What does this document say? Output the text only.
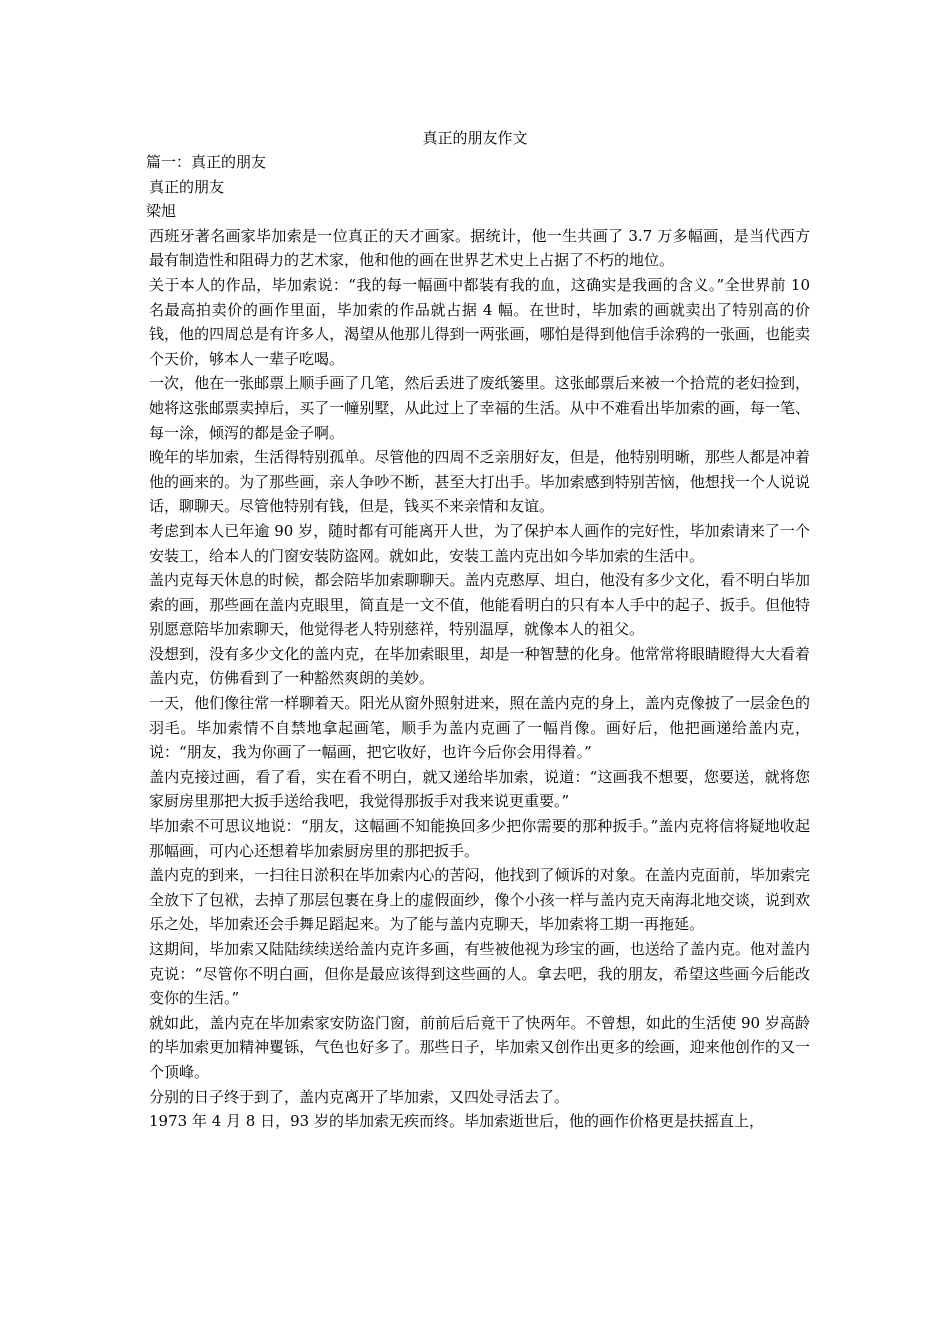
真正的朋友作文

篇一：真正的朋友

真正的朋友

梁旭

西班牙著名画家毕加索是一位真正的天才画家。据统计，他一生共画了 3.7 万多幅画，是当代西方最有制造性和阻碍力的艺术家，他和他的画在世界艺术史上占据了不朽的地位。

关于本人的作品，毕加索说：“我的每一幅画中都装有我的血，这确实是我画的含义。”全世界前 10 名最高拍卖价的画作里面，毕加索的作品就占据 4 幅。在世时，毕加索的画就卖出了特别高的价钱，他的四周总是有许多人，渴望从他那儿得到一两张画，哪怕是得到他信手涂鸦的一张画，也能卖个天价，够本人一辈子吃喝。

一次，他在一张邮票上顺手画了几笔，然后丢进了废纸篓里。这张邮票后来被一个拾荒的老妇捡到，她将这张邮票卖掉后，买了一幢别墅，从此过上了幸福的生活。从中不难看出毕加索的画，每一笔、每一涂，倾泻的都是金子啊。

晚年的毕加索，生活得特别孤单。尽管他的四周不乏亲朋好友，但是，他特别明晰，那些人都是冲着他的画来的。为了那些画，亲人争吵不断，甚至大打出手。毕加索感到特别苦恼，他想找一个人说说话，聊聊天。尽管他特别有钱，但是，钱买不来亲情和友谊。

考虑到本人已年逾 90 岁，随时都有可能离开人世，为了保护本人画作的完好性，毕加索请来了一个安装工，给本人的门窗安装防盗网。就如此，安装工盖内克出如今毕加索的生活中。

盖内克每天休息的时候，都会陪毕加索聊聊天。盖内克憨厚、坦白，他没有多少文化，看不明白毕加索的画，那些画在盖内克眼里，简直是一文不值，他能看明白的只有本人手中的起子、扳手。但他特别愿意陪毕加索聊天，他觉得老人特别慈祥，特别温厚，就像本人的祖父。

没想到，没有多少文化的盖内克，在毕加索眼里，却是一种智慧的化身。他常常将眼睛瞪得大大看着盖内克，仿佛看到了一种豁然爽朗的美妙。

一天，他们像往常一样聊着天。阳光从窗外照射进来，照在盖内克的身上，盖内克像披了一层金色的羽毛。毕加索情不自禁地拿起画笔，顺手为盖内克画了一幅肖像。画好后，他把画递给盖内克，说：“朋友，我为你画了一幅画，把它收好，也许今后你会用得着。”

盖内克接过画，看了看，实在看不明白，就又递给毕加索，说道：“这画我不想要，您要送，就将您家厨房里那把大扳手送给我吧，我觉得那扳手对我来说更重要。”

毕加索不可思议地说：“朋友，这幅画不知能换回多少把你需要的那种扳手。”盖内克将信将疑地收起那幅画，可内心还想着毕加索厨房里的那把扳手。

盖内克的到来，一扫往日淤积在毕加索内心的苦闷，他找到了倾诉的对象。在盖内克面前，毕加索完全放下了包袱，去掉了那层包裹在身上的虚假面纱，像个小孩一样与盖内克天南海北地交谈，说到欢乐之处，毕加索还会手舞足蹈起来。为了能与盖内克聊天，毕加索将工期一再拖延。

这期间，毕加索又陆陆续续送给盖内克许多画，有些被他视为珍宝的画，也送给了盖内克。他对盖内克说：“尽管你不明白画，但你是最应该得到这些画的人。拿去吧，我的朋友，希望这些画今后能改变你的生活。”

就如此，盖内克在毕加索家安防盗门窗，前前后后竟干了快两年。不曾想，如此的生活使 90 岁高龄的毕加索更加精神矍铄，气色也好多了。那些日子，毕加索又创作出更多的绘画，迎来他创作的又一个顶峰。

分别的日子终于到了，盖内克离开了毕加索，又四处寻活去了。

1973 年 4 月 8 日，93 岁的毕加索无疾而终。毕加索逝世后，他的画作价格更是扶摇直上，
